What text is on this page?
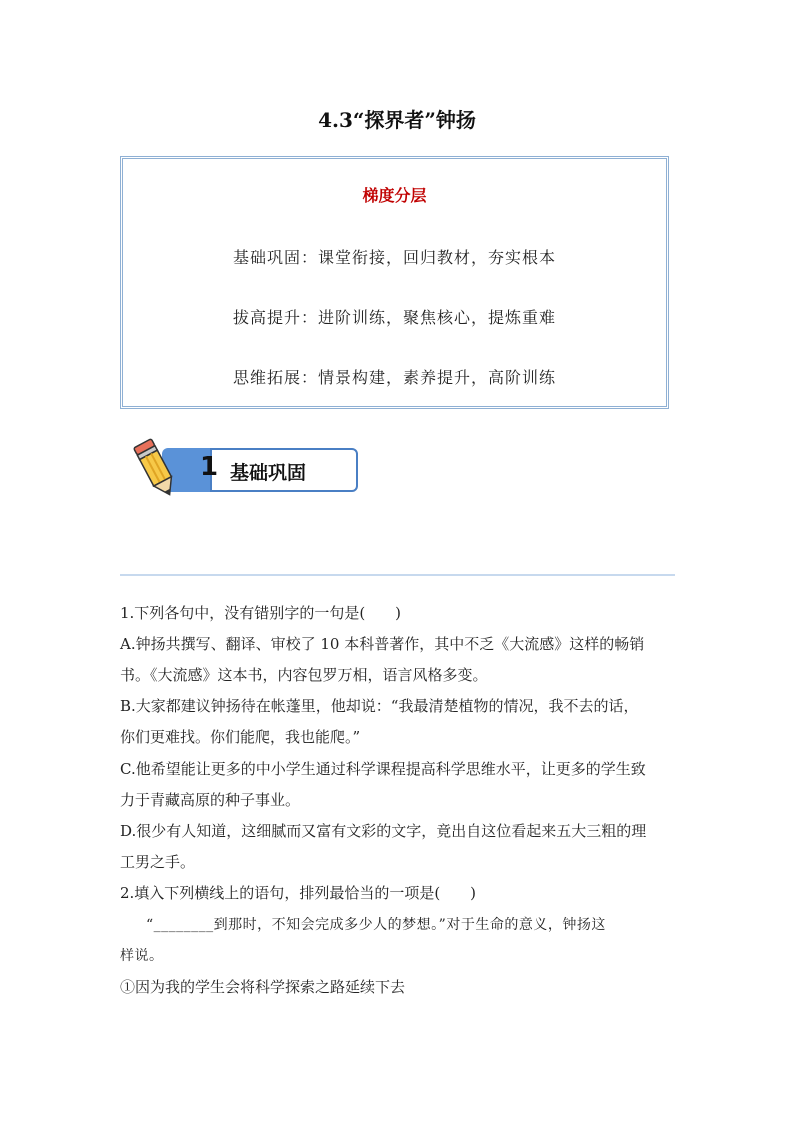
4.3“探界者”钟扬
梯度分层
基础巩固：课堂衔接，回归教材，夯实根本
拔高提升：进阶训练，聚焦核心，提炼重难
思维拓展：情景构建，素养提升，高阶训练
基础巩固
1
1.下列各句中，没有错别字的一句是(　　)
A.钟扬共撰写、翻译、审校了 10 本科普著作，其中不乏《大流感》这样的畅销
书。《大流感》这本书，内容包罗万相，语言风格多变。
B.大家都建议钟扬待在帐蓬里，他却说：“我最清楚植物的情况，我不去的话，
你们更难找。你们能爬，我也能爬。”
C.他希望能让更多的中小学生通过科学课程提高科学思维水平，让更多的学生致
力于青藏高原的种子事业。
D.很少有人知道，这细腻而又富有文彩的文字，竟出自这位看起来五大三粗的理
工男之手。
2.填入下列横线上的语句，排列最恰当的一项是(　　)
“________到那时，不知会完成多少人的梦想。”对于生命的意义，钟扬这
样说。
①因为我的学生会将科学探索之路延续下去
